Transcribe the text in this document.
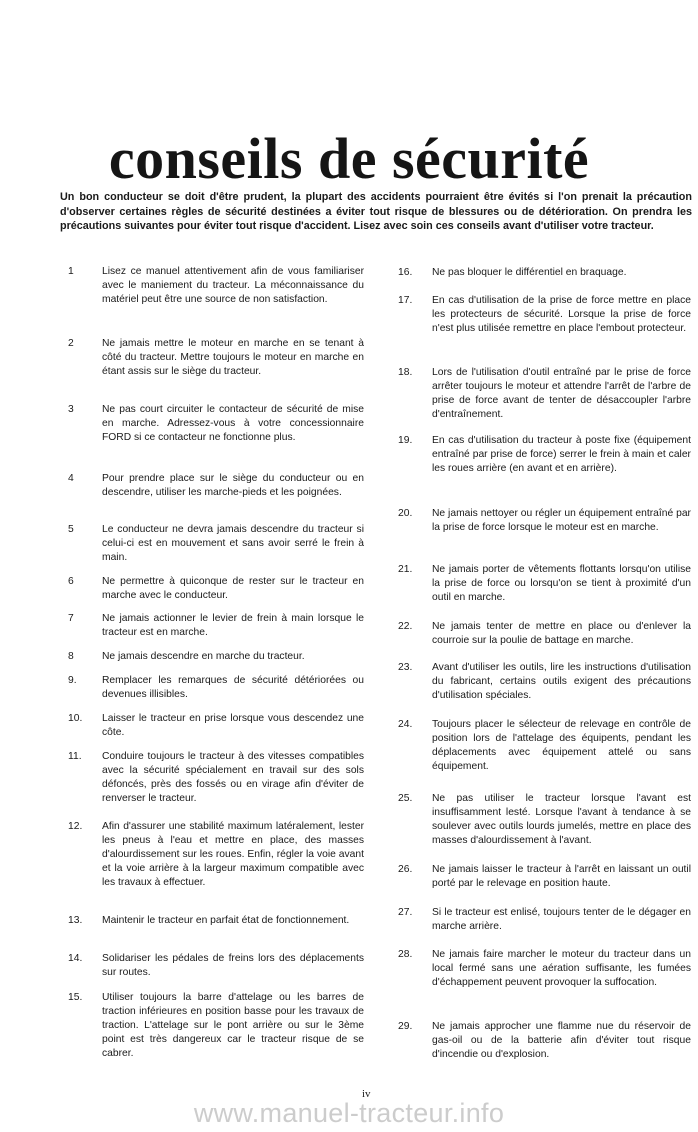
conseils de sécurité
Un bon conducteur se doit d'être prudent, la plupart des accidents pourraient être évités si l'on prenait la précaution d'observer certaines règles de sécurité destinées a éviter tout risque de blessures ou de détérioration. On prendra les précautions suivantes pour éviter tout risque d'accident. Lisez avec soin ces conseils avant d'utiliser votre tracteur.
1	Lisez ce manuel attentivement afin de vous familiariser avec le maniement du tracteur. La méconnaissance du matériel peut être une source de non satisfaction.
2	Ne jamais mettre le moteur en marche en se tenant à côté du tracteur. Mettre toujours le moteur en marche en étant assis sur le siège du tracteur.
3	Ne pas court circuiter le contacteur de sécurité de mise en marche. Adressez-vous à votre concessionnaire FORD si ce contacteur ne fonctionne plus.
4	Pour prendre place sur le siège du conducteur ou en descendre, utiliser les marche-pieds et les poignées.
5	Le conducteur ne devra jamais descendre du tracteur si celui-ci est en mouvement et sans avoir serré le frein à main.
6	Ne permettre à quiconque de rester sur le tracteur en marche avec le conducteur.
7	Ne jamais actionner le levier de frein à main lorsque le tracteur est en marche.
8	Ne jamais descendre en marche du tracteur.
9. Remplacer les remarques de sécurité détériorées ou devenues illisibles.
10. Laisser le tracteur en prise lorsque vous descendez une côte.
11. Conduire toujours le tracteur à des vitesses compatibles avec la sécurité spécialement en travail sur des sols défoncés, près des fossés ou en virage afin d'éviter de renverser le tracteur.
12. Afin d'assurer une stabilité maximum latéralement, lester les pneus à l'eau et mettre en place, des masses d'alourdissement sur les roues. Enfin, régler la voie avant et la voie arrière à la largeur maximum compatible avec les travaux à effectuer.
13. Maintenir le tracteur en parfait état de fonctionnement.
14. Solidariser les pédales de freins lors des déplacements sur routes.
15. Utiliser toujours la barre d'attelage ou les barres de traction inférieures en position basse pour les travaux de traction. L'attelage sur le pont arrière ou sur le 3ème point est très dangereux car le tracteur risque de se cabrer.
16. Ne pas bloquer le différentiel en braquage.
17. En cas d'utilisation de la prise de force mettre en place les protecteurs de sécurité. Lorsque la prise de force n'est plus utilisée remettre en place l'embout protecteur.
18. Lors de l'utilisation d'outil entraîné par le prise de force arrêter toujours le moteur et attendre l'arrêt de l'arbre de prise de force avant de tenter de désaccoupler l'arbre d'entraînement.
19. En cas d'utilisation du tracteur à poste fixe (équipement entraîné par prise de force) serrer le frein à main et caler les roues arrière (en avant et en arrière).
20. Ne jamais nettoyer ou régler un équipement entraîné par la prise de force lorsque le moteur est en marche.
21. Ne jamais porter de vêtements flottants lorsqu'on utilise la prise de force ou lorsqu'on se tient à proximité d'un outil en marche.
22. Ne jamais tenter de mettre en place ou d'enlever la courroie sur la poulie de battage en marche.
23. Avant d'utiliser les outils, lire les instructions d'utilisation du fabricant, certains outils exigent des précautions d'utilisation spéciales.
24. Toujours placer le sélecteur de relevage en contrôle de position lors de l'attelage des équipents, pendant les déplacements avec équipement attelé ou sans équipement.
25. Ne pas utiliser le tracteur lorsque l'avant est insuffisamment lesté. Lorsque l'avant à tendance à se soulever avec outils lourds jumelés, mettre en place des masses d'alourdissement à l'avant.
26. Ne jamais laisser le tracteur à l'arrêt en laissant un outil porté par le relevage en position haute.
27. Si le tracteur est enlisé, toujours tenter de le dégager en marche arrière.
28. Ne jamais faire marcher le moteur du tracteur dans un local fermé sans une aération suffisante, les fumées d'échappement peuvent provoquer la suffocation.
29. Ne jamais approcher une flamme nue du réservoir de gas-oil ou de la batterie afin d'éviter tout risque d'incendie ou d'explosion.
iv
www.manuel-tracteur.info
